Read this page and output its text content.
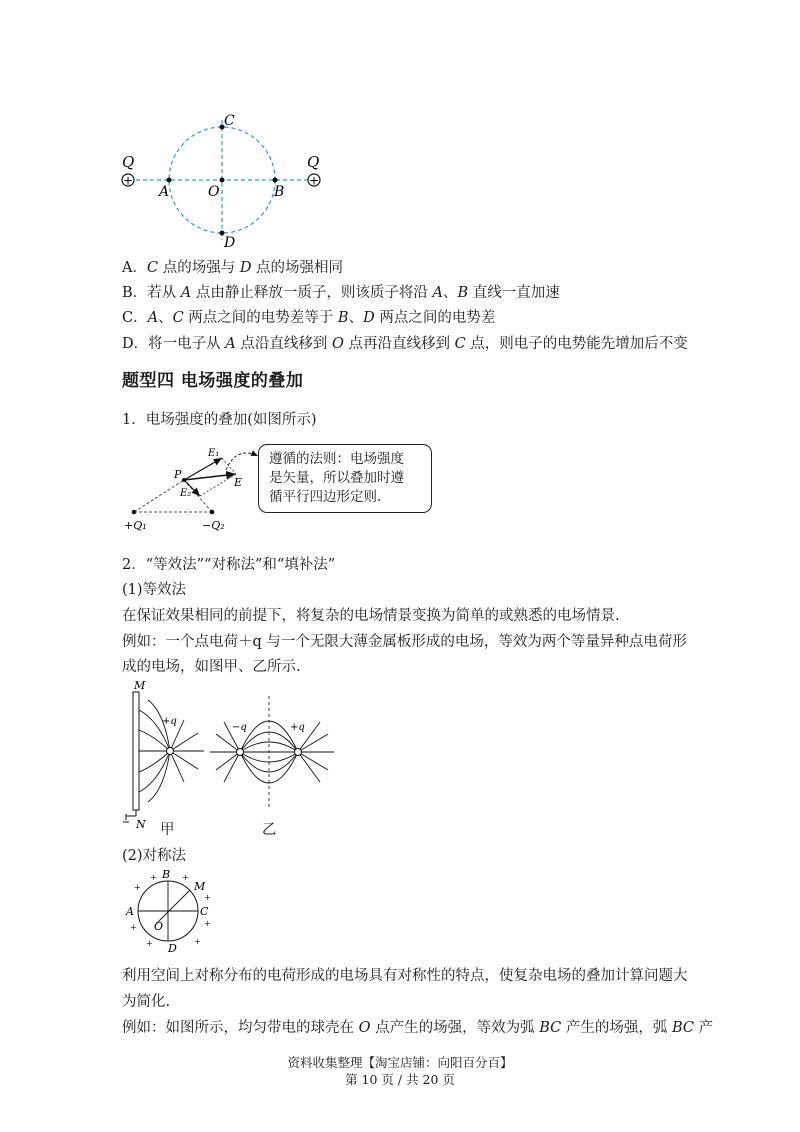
+	+
Q	Q
A	O	B
C
D
A．C 点的场强与 D 点的场强相同
B．若从 A 点由静止释放一质子，则该质子将沿 A、B 直线一直加速
C．A、C 两点之间的电势差等于 B、D 两点之间的电势差
D．将一电子从 A 点沿直线移到 O 点再沿直线移到 C 点，则电子的电势能先增加后不变
题型四 电场强度的叠加
1．电场强度的叠加(如图所示)
P
E₁
E₂
E
+Q₁	−Q₂
遵循的法则：电场强度
是矢量，所以叠加时遵
循平行四边形定则.
2．“等效法”“对称法”和“填补法”
(1)等效法
在保证效果相同的前提下，将复杂的电场情景变换为简单的或熟悉的电场情景.
例如：一个点电荷＋q 与一个无限大薄金属板形成的电场，等效为两个等量异种点电荷形
成的电场，如图甲、乙所示.
M
N
+q
甲
−q	+q
乙
(2)对称法
B
A	C
D
O
M
+
+	+
+
+	+
+	+
利用空间上对称分布的电荷形成的电场具有对称性的特点，使复杂电场的叠加计算问题大
为简化.
例如：如图所示，均匀带电的球壳在 O 点产生的场强，等效为弧 BC 产生的场强，弧 BC 产
资料收集整理【淘宝店铺：向阳百分百】
第 10 页 / 共 20 页
